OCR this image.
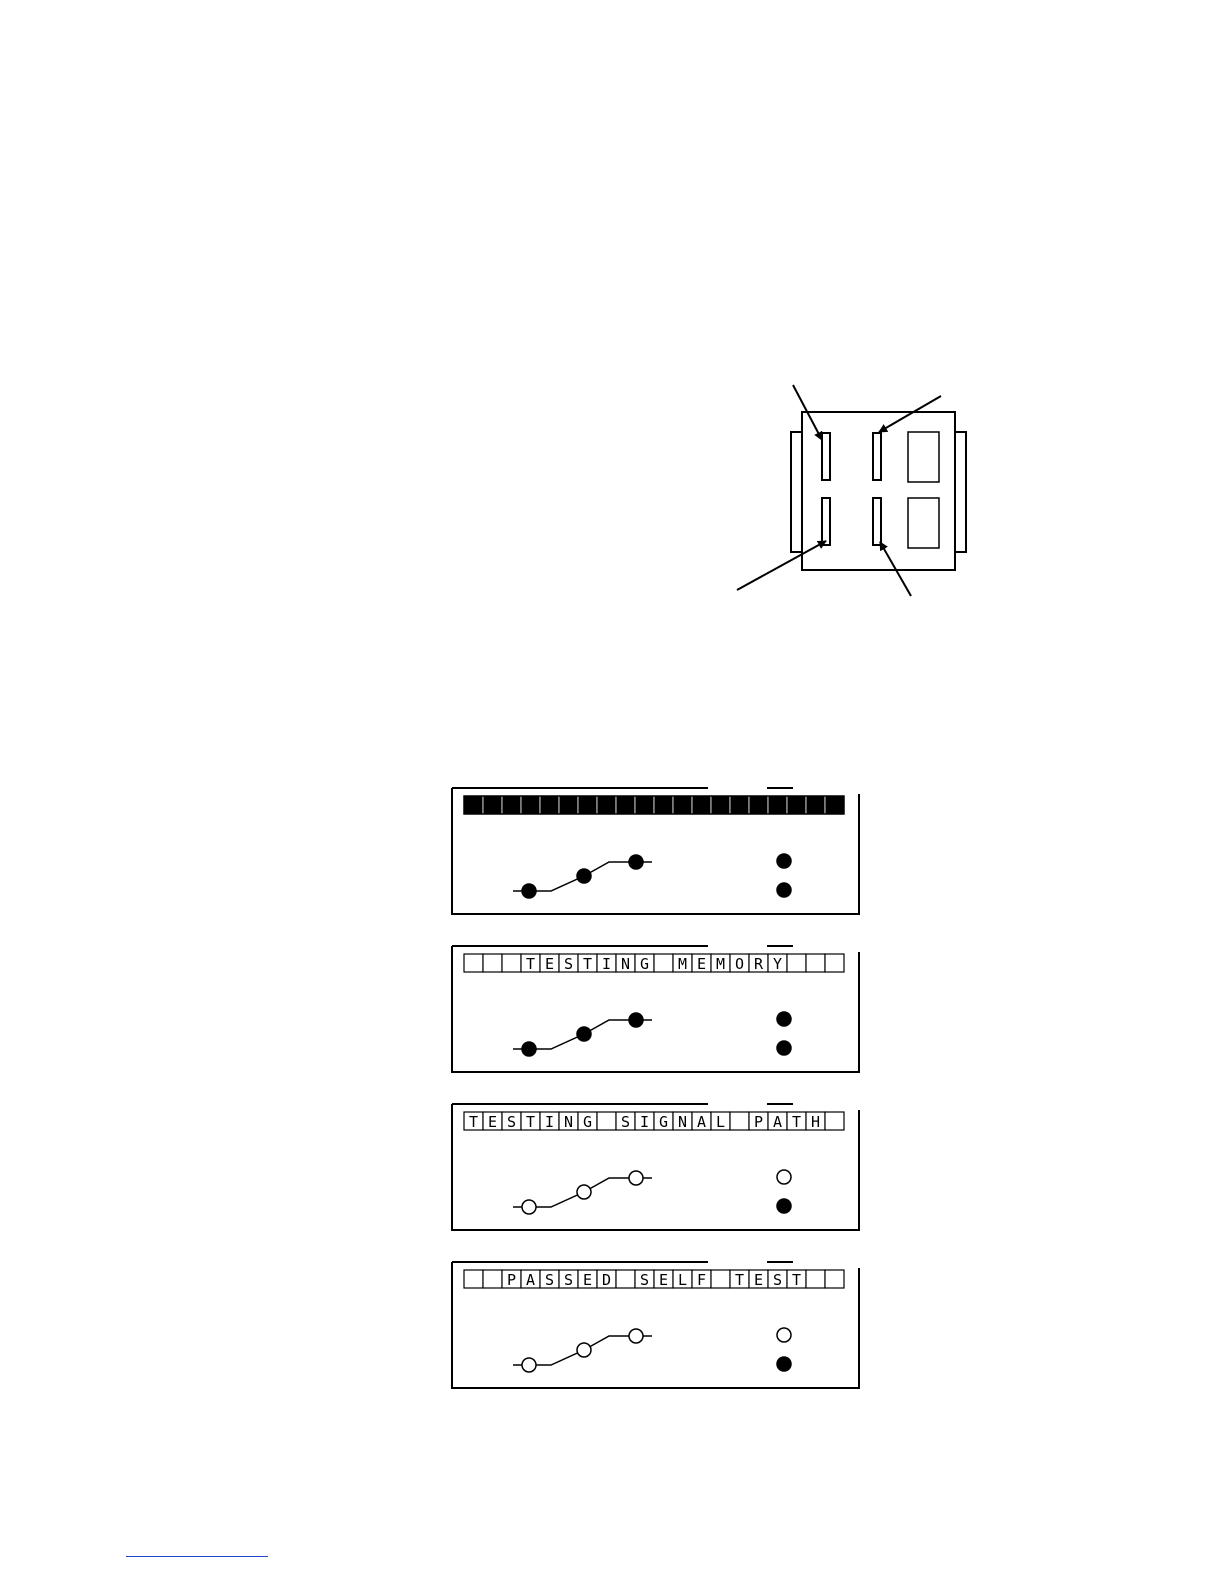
T E S T I N G M E M O R Y
T E S T I N G S I G N A L P A T H
P A S S E D S E L F T E S T
